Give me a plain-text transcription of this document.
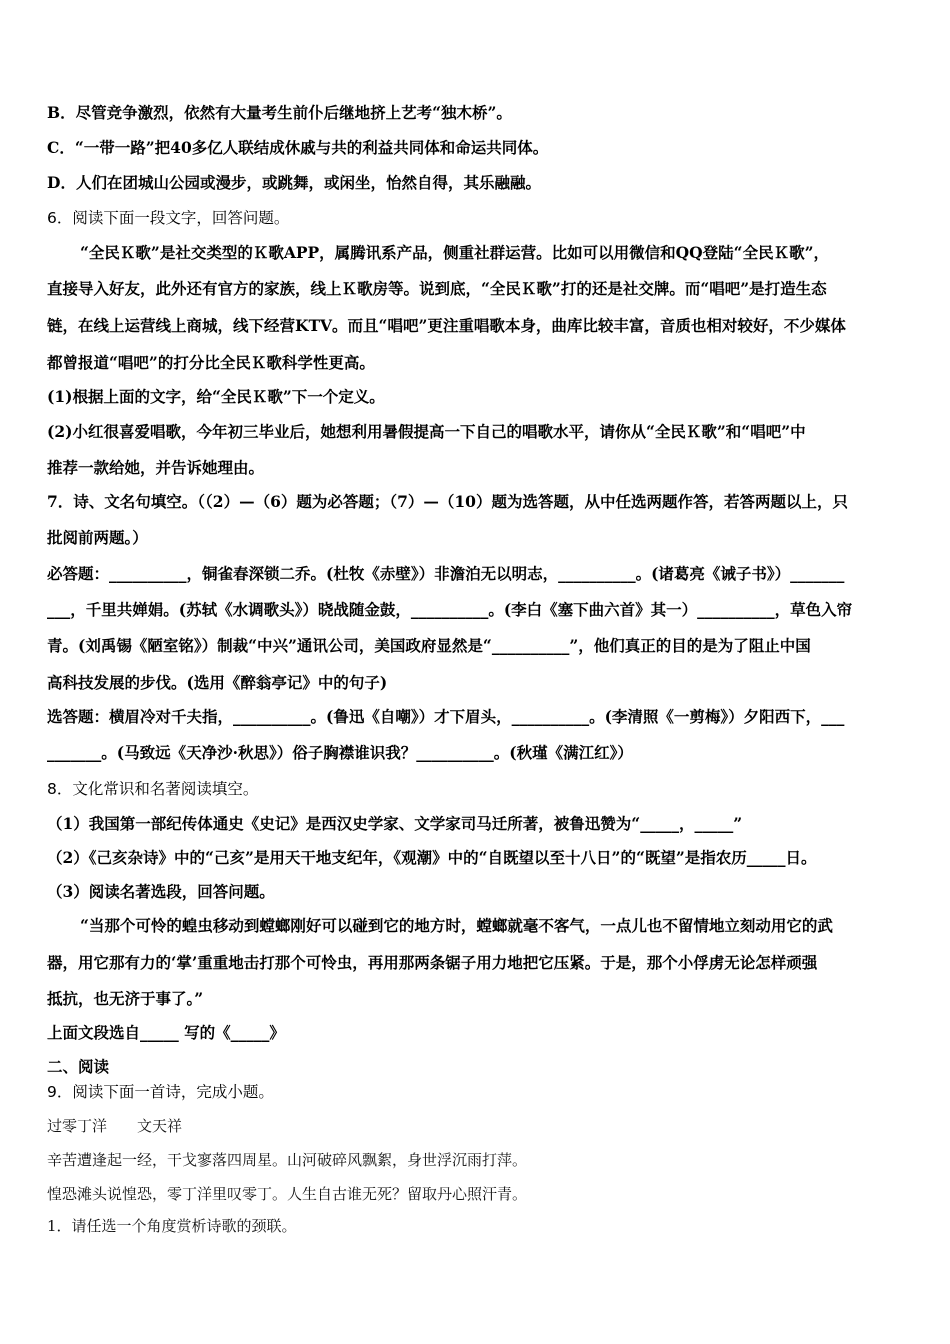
B．尽管竞争激烈，依然有大量考生前仆后继地挤上艺考“独木桥”。

C．“一带一路”把40多亿人联结成休戚与共的利益共同体和命运共同体。

D．人们在团城山公园或漫步，或跳舞，或闲坐，怡然自得，其乐融融。

6．阅读下面一段文字，回答问题。

“全民Ｋ歌”是社交类型的Ｋ歌APP，属腾讯系产品，侧重社群运营。比如可以用微信和QQ登陆“全民Ｋ歌”，

直接导入好友，此外还有官方的家族，线上Ｋ歌房等。说到底，“全民Ｋ歌”打的还是社交牌。而“唱吧”是打造生态

链，在线上运营线上商城，线下经营KTV。而且“唱吧”更注重唱歌本身，曲库比较丰富，音质也相对较好，不少媒体

都曾报道“唱吧”的打分比全民Ｋ歌科学性更高。

(1)根据上面的文字，给“全民Ｋ歌”下一个定义。

(2)小红很喜爱唱歌，今年初三毕业后，她想利用暑假提高一下自己的唱歌水平，请你从“全民Ｋ歌”和“唱吧”中

推荐一款给她，并告诉她理由。

7．诗、文名句填空。（（2）—（6）题为必答题；（7）—（10）题为选答题，从中任选两题作答，若答两题以上，只

批阅前两题。）

必答题：__________，铜雀春深锁二乔。(杜牧《赤壁》）非澹泊无以明志，__________。(诸葛亮《诫子书》）_______

___，千里共婵娟。(苏轼《水调歌头》）晓战随金鼓，__________。(李白《塞下曲六首》其一）__________，草色入帘

青。(刘禹锡《陋室铭》）制裁“中兴”通讯公司，美国政府显然是“__________”，他们真正的目的是为了阻止中国

高科技发展的步伐。(选用《醉翁亭记》中的句子)

选答题：横眉冷对千夫指，__________。(鲁迅《自嘲》）才下眉头，__________。(李清照《一剪梅》）夕阳西下，___

_______。(马致远《天净沙·秋思》）俗子胸襟谁识我？__________。(秋瑾《满江红》）

8．文化常识和名著阅读填空。

（1）我国第一部纪传体通史《史记》是西汉史学家、文学家司马迁所著，被鲁迅赞为“_____，_____”

（2）《己亥杂诗》中的“己亥”是用天干地支纪年，《观潮》中的“自既望以至十八日”的“既望”是指农历_____日。

（3）阅读名著选段，回答问题。

“当那个可怜的蝗虫移动到螳螂刚好可以碰到它的地方时，螳螂就毫不客气，一点儿也不留情地立刻动用它的武

器，用它那有力的‘掌’重重地击打那个可怜虫，再用那两条锯子用力地把它压紧。于是，那个小俘虏无论怎样顽强

抵抗，也无济于事了。”

上面文段选自_____ 写的《_____》

二、阅读

9．阅读下面一首诗，完成小题。

过零丁洋　　文天祥

辛苦遭逢起一经，干戈寥落四周星。山河破碎风飘絮，身世浮沉雨打萍。

惶恐滩头说惶恐，零丁洋里叹零丁。人生自古谁无死？留取丹心照汗青。

1．请任选一个角度赏析诗歌的颈联。
